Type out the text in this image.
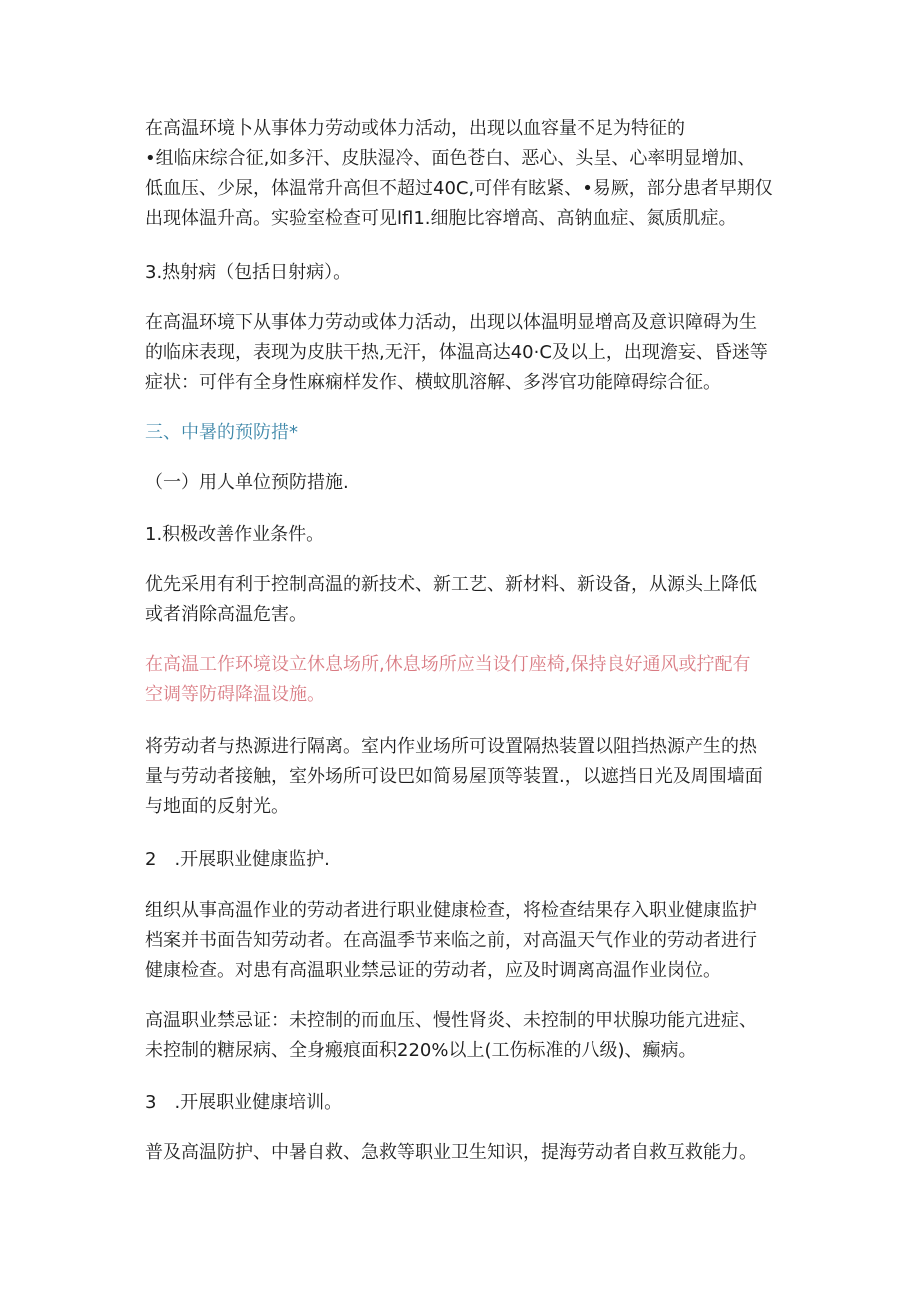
在高温环境卜从事体力劳动或体力活动，出现以血容量不足为特征的
•组临床综合征,如多汗、皮肤湿冷、面色苍白、恶心、头呈、心率明显增加、
低血压、少尿，体温常升高但不超过40C,可伴有眩紧、•易厥，部分患者早期仅
出现体温升高。实验室检查可见lfl1.细胞比容增高、高钠血症、氮质肌症。

3.热射病（包括日射病）。

在高温环境下从事体力劳动或体力活动，出现以体温明显增高及意识障碍为生
的临床表现，表现为皮肤干热,无汗，体温高达40·C及以上，出现澹妄、昏迷等
症状：可伴有全身性麻痫样发作、横蚊肌溶解、多涔官功能障碍综合征。

三、中暑的预防措*

（一）用人单位预防措施.

1.积极改善作业条件。

优先采用有利于控制高温的新技术、新工艺、新材料、新设备，从源头上降低
或者消除高温危害。

在高温工作环境设立休息场所,休息场所应当设仃座椅,保持良好通风或拧配有
空调等防碍降温设施。

将劳动者与热源进行隔离。室内作业场所可设置隔热装置以阻挡热源产生的热
量与劳动者接触，室外场所可设巴如简易屋顶等装置.，以遮挡日光及周围墙面
与地面的反射光。

2　.开展职业健康监护.

组织从事高温作业的劳动者进行职业健康检查，将检查结果存入职业健康监护
档案并书面告知劳动者。在高温季节来临之前，对高温天气作业的劳动者进行
健康检查。对患有高温职业禁忌证的劳动者，应及时调离高温作业岗位。

高温职业禁忌证：未控制的而血压、慢性肾炎、未控制的甲状腺功能亢进症、
未控制的糖尿病、全身瘢痕面积220%以上(工伤标准的八级)、癫病。

3　.开展职业健康培训。

普及高温防护、中暑自救、急救等职业卫生知识，提海劳动者自救互救能力。
